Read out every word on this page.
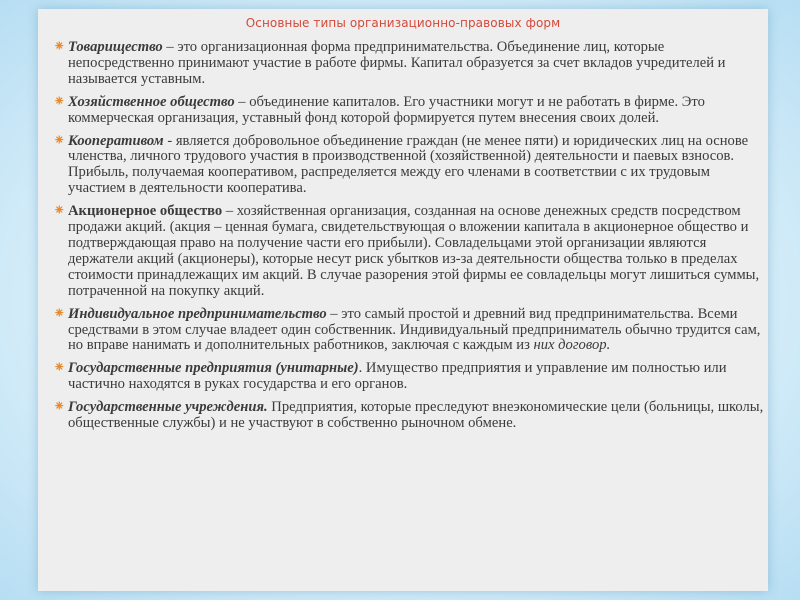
Основные типы организационно-правовых форм
⁕ Товарищество – это организационная форма предпринимательства. Объединение лиц, которые непосредственно принимают участие в работе фирмы. Капитал образуется за счет вкладов учредителей и называется уставным.
⁕ Хозяйственное общество – объединение капиталов. Его участники могут и не работать в фирме. Это коммерческая организация, уставный фонд которой формируется путем внесения своих долей.
⁕ Кооперативом - является добровольное объединение граждан (не менее пяти) и юридических лиц на основе членства, личного трудового участия в производственной (хозяйственной) деятельности и паевых взносов. Прибыль, получаемая кооперативом, распределяется между его членами в соответствии с их трудовым участием в деятельности кооператива.
⁕ Акционерное общество – хозяйственная организация, созданная на основе денежных средств посредством продажи акций. (акция – ценная бумага, свидетельствующая о вложении капитала в акционерное общество и подтверждающая право на получение части его прибыли). Совладельцами этой организации являются держатели акций (акционеры), которые несут риск убытков из-за деятельности общества только в пределах стоимости принадлежащих им акций. В случае разорения этой фирмы ее совладельцы могут лишиться суммы, потраченной на покупку акций.
⁕ Индивидуальное предпринимательство – это самый простой и древний вид предпринимательства. Всеми средствами в этом случае владеет один собственник. Индивидуальный предприниматель обычно трудится сам, но вправе нанимать и дополнительных работников, заключая с каждым из них договор.
⁕ Государственные предприятия (унитарные). Имущество предприятия и управление им полностью или частично находятся в руках государства и его органов.
⁕ Государственные учреждения. Предприятия, которые преследуют внеэкономические цели (больницы, школы, общественные службы) и не участвуют в собственно рыночном обмене.
